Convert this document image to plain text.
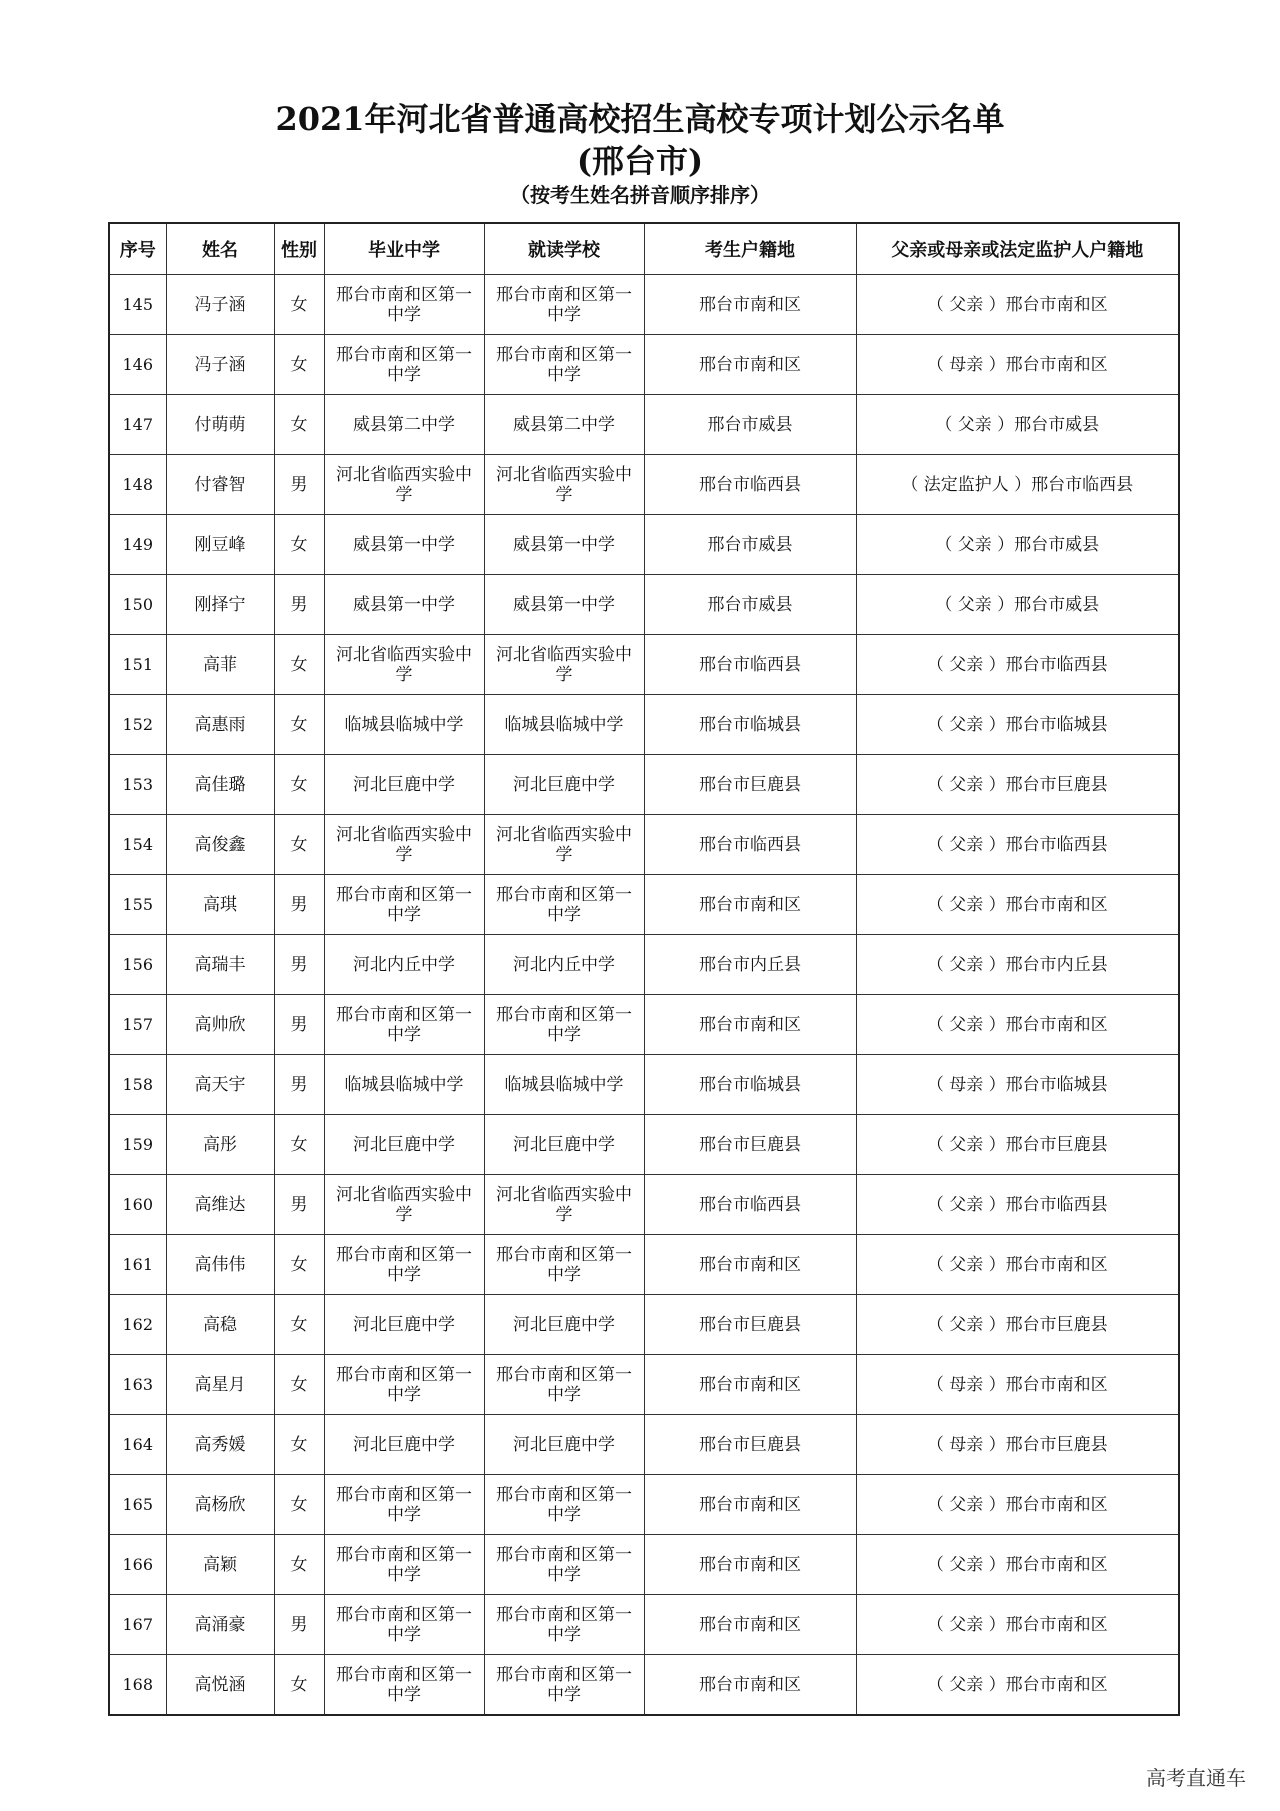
2021年河北省普通高校招生高校专项计划公示名单
(邢台市)
（按考生姓名拼音顺序排序）
序号	姓名	性别	毕业中学	就读学校	考生户籍地	父亲或母亲或法定监护人户籍地
145	冯子涵	女	邢台市南和区第一中学	邢台市南和区第一中学	邢台市南和区	（ 父亲 ）邢台市南和区
146	冯子涵	女	邢台市南和区第一中学	邢台市南和区第一中学	邢台市南和区	（ 母亲 ）邢台市南和区
147	付萌萌	女	威县第二中学	威县第二中学	邢台市威县	（ 父亲 ）邢台市威县
148	付睿智	男	河北省临西实验中学	河北省临西实验中学	邢台市临西县	（ 法定监护人 ）邢台市临西县
149	刚豆峰	女	威县第一中学	威县第一中学	邢台市威县	（ 父亲 ）邢台市威县
150	刚择宁	男	威县第一中学	威县第一中学	邢台市威县	（ 父亲 ）邢台市威县
151	高菲	女	河北省临西实验中学	河北省临西实验中学	邢台市临西县	（ 父亲 ）邢台市临西县
152	高惠雨	女	临城县临城中学	临城县临城中学	邢台市临城县	（ 父亲 ）邢台市临城县
153	高佳璐	女	河北巨鹿中学	河北巨鹿中学	邢台市巨鹿县	（ 父亲 ）邢台市巨鹿县
154	高俊鑫	女	河北省临西实验中学	河北省临西实验中学	邢台市临西县	（ 父亲 ）邢台市临西县
155	高琪	男	邢台市南和区第一中学	邢台市南和区第一中学	邢台市南和区	（ 父亲 ）邢台市南和区
156	高瑞丰	男	河北内丘中学	河北内丘中学	邢台市内丘县	（ 父亲 ）邢台市内丘县
157	高帅欣	男	邢台市南和区第一中学	邢台市南和区第一中学	邢台市南和区	（ 父亲 ）邢台市南和区
158	高天宇	男	临城县临城中学	临城县临城中学	邢台市临城县	（ 母亲 ）邢台市临城县
159	高彤	女	河北巨鹿中学	河北巨鹿中学	邢台市巨鹿县	（ 父亲 ）邢台市巨鹿县
160	高维达	男	河北省临西实验中学	河北省临西实验中学	邢台市临西县	（ 父亲 ）邢台市临西县
161	高伟伟	女	邢台市南和区第一中学	邢台市南和区第一中学	邢台市南和区	（ 父亲 ）邢台市南和区
162	高稳	女	河北巨鹿中学	河北巨鹿中学	邢台市巨鹿县	（ 父亲 ）邢台市巨鹿县
163	高星月	女	邢台市南和区第一中学	邢台市南和区第一中学	邢台市南和区	（ 母亲 ）邢台市南和区
164	高秀媛	女	河北巨鹿中学	河北巨鹿中学	邢台市巨鹿县	（ 母亲 ）邢台市巨鹿县
165	高杨欣	女	邢台市南和区第一中学	邢台市南和区第一中学	邢台市南和区	（ 父亲 ）邢台市南和区
166	高颖	女	邢台市南和区第一中学	邢台市南和区第一中学	邢台市南和区	（ 父亲 ）邢台市南和区
167	高涌豪	男	邢台市南和区第一中学	邢台市南和区第一中学	邢台市南和区	（ 父亲 ）邢台市南和区
168	高悦涵	女	邢台市南和区第一中学	邢台市南和区第一中学	邢台市南和区	（ 父亲 ）邢台市南和区
高考直通车
